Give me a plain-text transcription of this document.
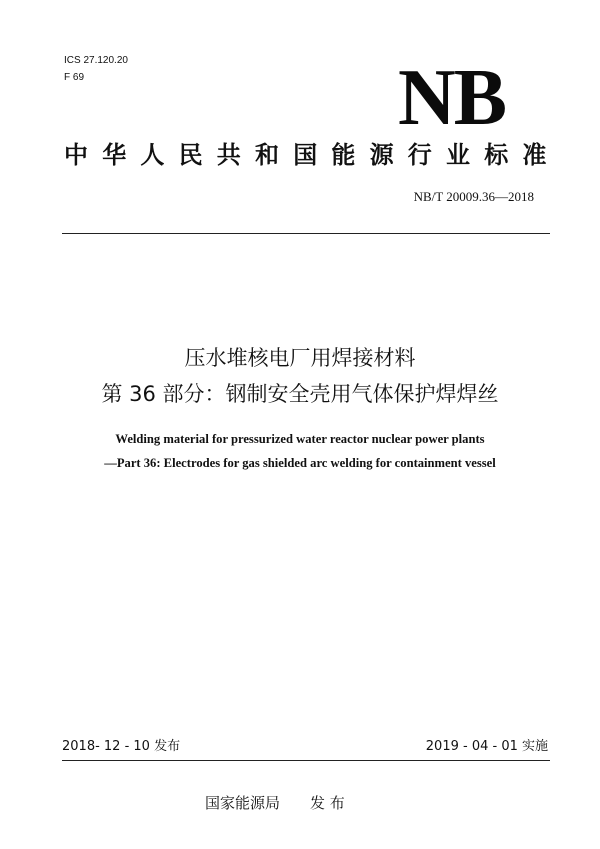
ICS 27.120.20
F 69	NB
中华人民共和国能源行业标准
NB/T 20009.36—2018
压水堆核电厂用焊接材料
第 36 部分：钢制安全壳用气体保护焊焊丝
Welding material for pressurized water reactor nuclear power plants
—Part 36: Electrodes for gas shielded arc welding for containment vessel
2018- 12 - 10 发布	2019 - 04 - 01 实施
国家能源局　　发 布
